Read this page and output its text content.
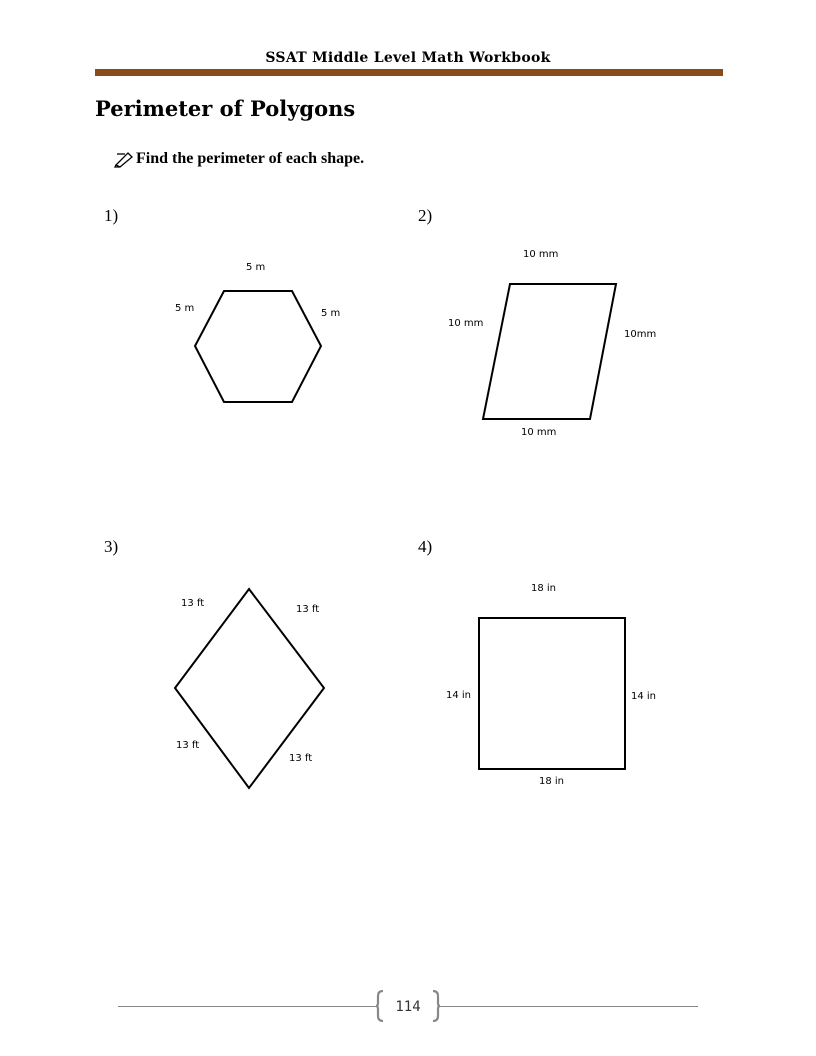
SSAT Middle Level Math Workbook
Perimeter of Polygons
Find the perimeter of each shape.
1)
5 m
5 m	5 m
2)
10 mm
10 mm
10mm
10 mm
3)
13 ft
13 ft
13 ft
13 ft
4)
18 in
14 in	14 in
18 in
114
